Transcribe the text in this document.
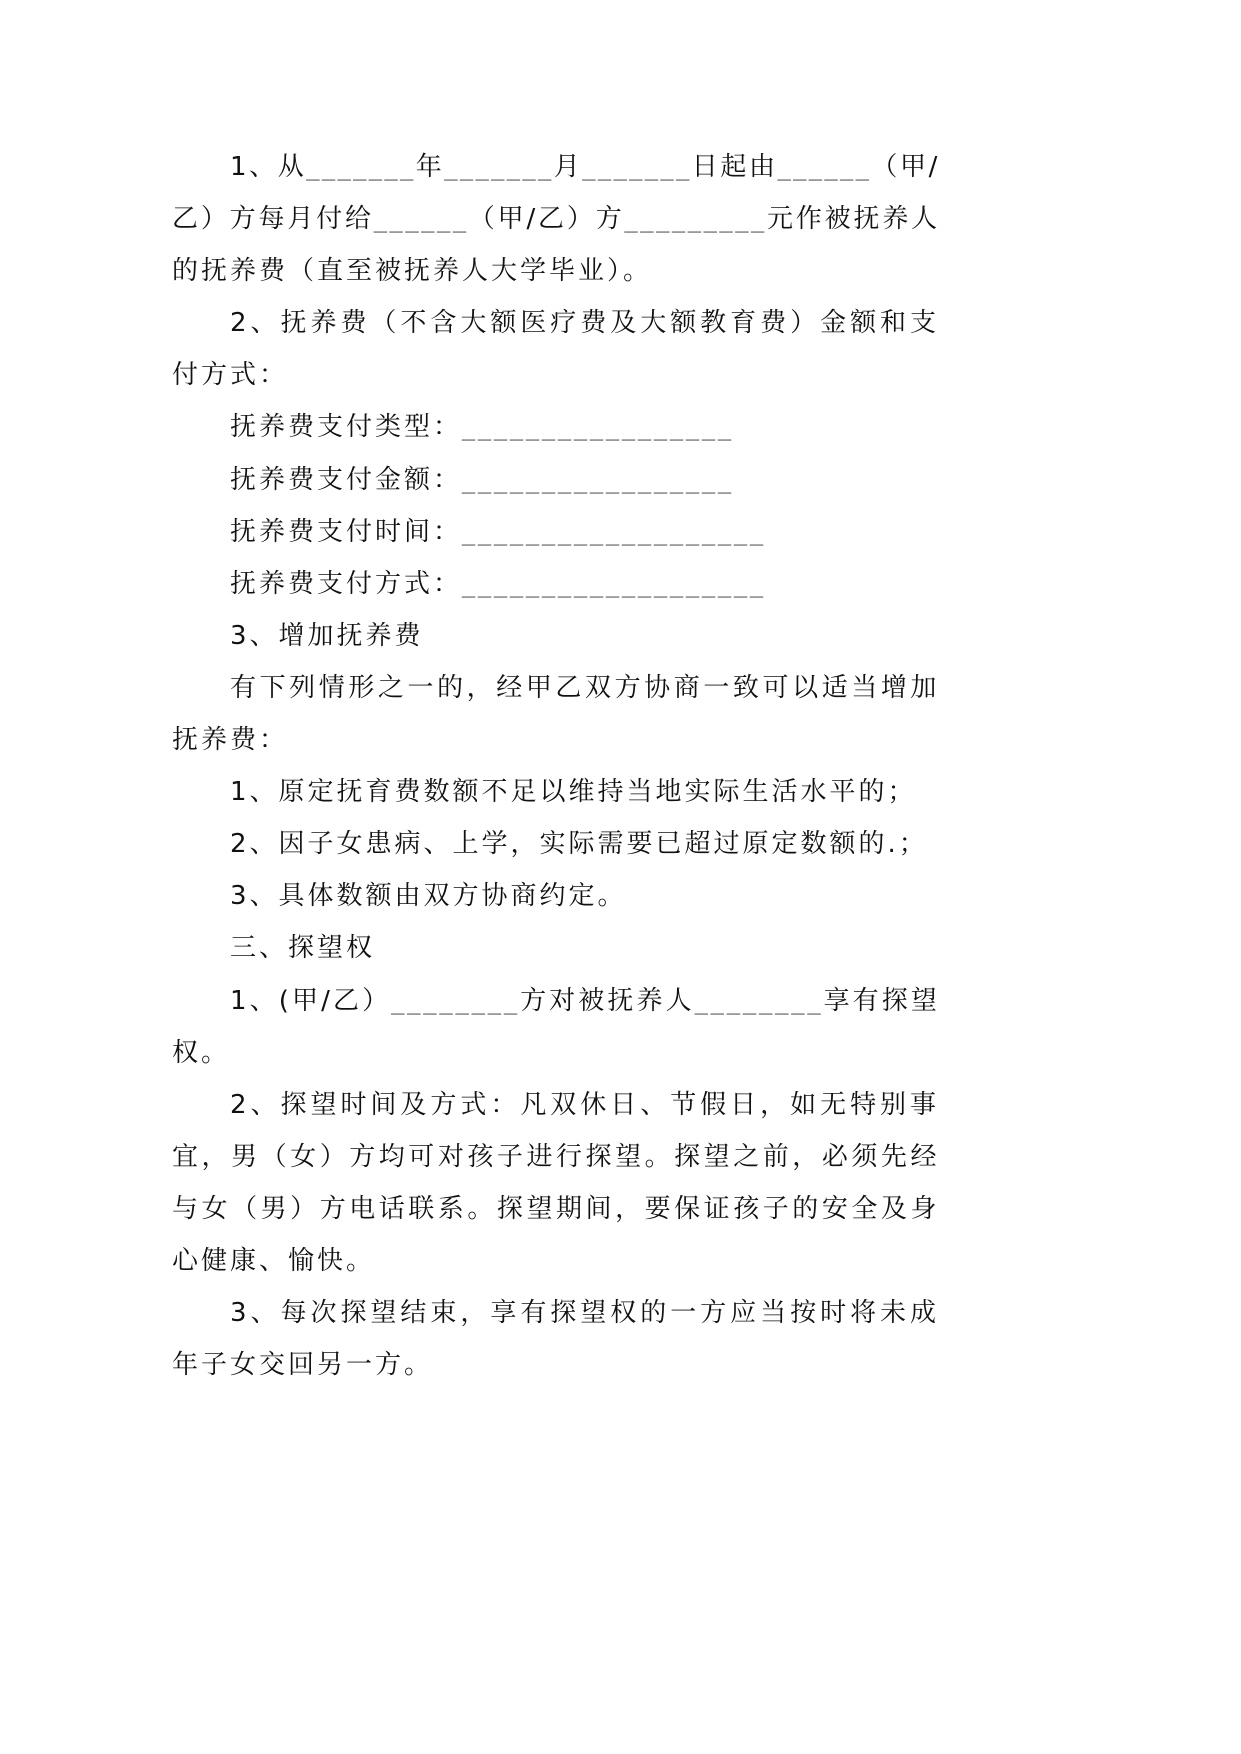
1、从_______年_______月_______日起由______（甲/
乙）方每月付给______（甲/乙）方_________元作被抚养人
的抚养费（直至被抚养人大学毕业）。
2、抚养费（不含大额医疗费及大额教育费）金额和支
付方式：
抚养费支付类型：_________________
抚养费支付金额：_________________
抚养费支付时间：___________________
抚养费支付方式：___________________
3、增加抚养费
有下列情形之一的，经甲乙双方协商一致可以适当增加
抚养费：
1、原定抚育费数额不足以维持当地实际生活水平的；
2、因子女患病、上学，实际需要已超过原定数额的.；
3、具体数额由双方协商约定。
三、探望权
1、(甲/乙）________方对被抚养人________享有探望
权。
2、探望时间及方式：凡双休日、节假日，如无特别事
宜，男（女）方均可对孩子进行探望。探望之前，必须先经
与女（男）方电话联系。探望期间，要保证孩子的安全及身
心健康、愉快。
3、每次探望结束，享有探望权的一方应当按时将未成
年子女交回另一方。
